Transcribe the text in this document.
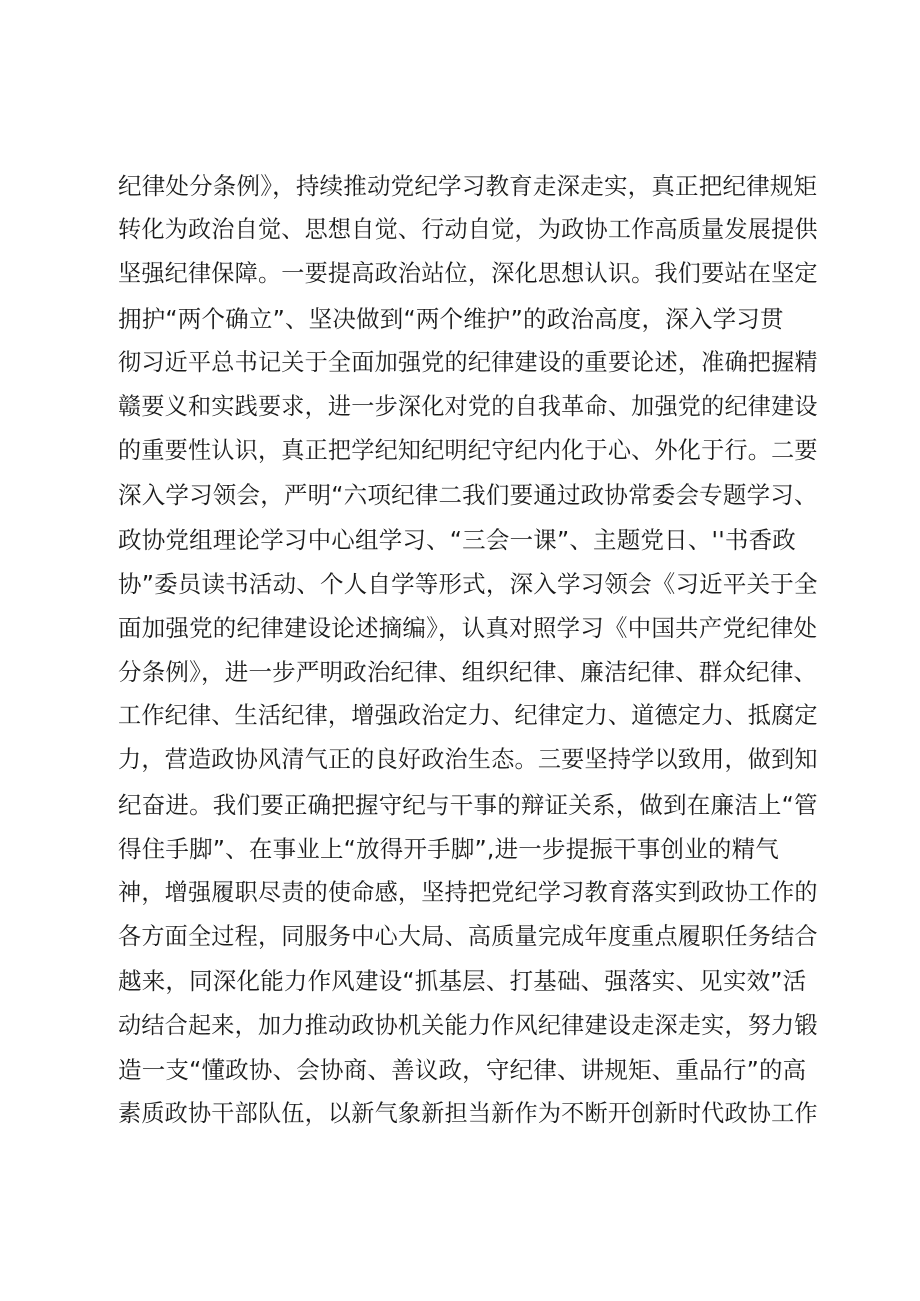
纪律处分条例》，持续推动党纪学习教育走深走实，真正把纪律规矩
转化为政治自觉、思想自觉、行动自觉，为政协工作高质量发展提供
坚强纪律保障。一要提高政治站位，深化思想认识。我们要站在坚定
拥护“两个确立”、坚决做到“两个维护”的政治高度，深入学习贯
彻习近平总书记关于全面加强党的纪律建设的重要论述，准确把握精
赣要义和实践要求，进一步深化对党的自我革命、加强党的纪律建设
的重要性认识，真正把学纪知纪明纪守纪内化于心、外化于行。二要
深入学习领会，严明“六项纪律二我们要通过政协常委会专题学习、
政协党组理论学习中心组学习、“三会一课”、主题党日、''书香政
协”委员读书活动、个人自学等形式，深入学习领会《习近平关于全
面加强党的纪律建设论述摘编》，认真对照学习《中国共产党纪律处
分条例》，进一步严明政治纪律、组织纪律、廉洁纪律、群众纪律、
工作纪律、生活纪律，增强政治定力、纪律定力、道德定力、抵腐定
力，营造政协风清气正的良好政治生态。三要坚持学以致用，做到知
纪奋进。我们要正确把握守纪与干事的辩证关系，做到在廉洁上“管
得住手脚”、在事业上“放得开手脚”,进一步提振干事创业的精气
神，增强履职尽责的使命感，坚持把党纪学习教育落实到政协工作的
各方面全过程，同服务中心大局、高质量完成年度重点履职任务结合
越来，同深化能力作风建设“抓基层、打基础、强落实、见实效”活
动结合起来，加力推动政协机关能力作风纪律建设走深走实，努力锻
造一支“懂政协、会协商、善议政，守纪律、讲规矩、重品行”的高
素质政协干部队伍，以新气象新担当新作为不断开创新时代政协工作
